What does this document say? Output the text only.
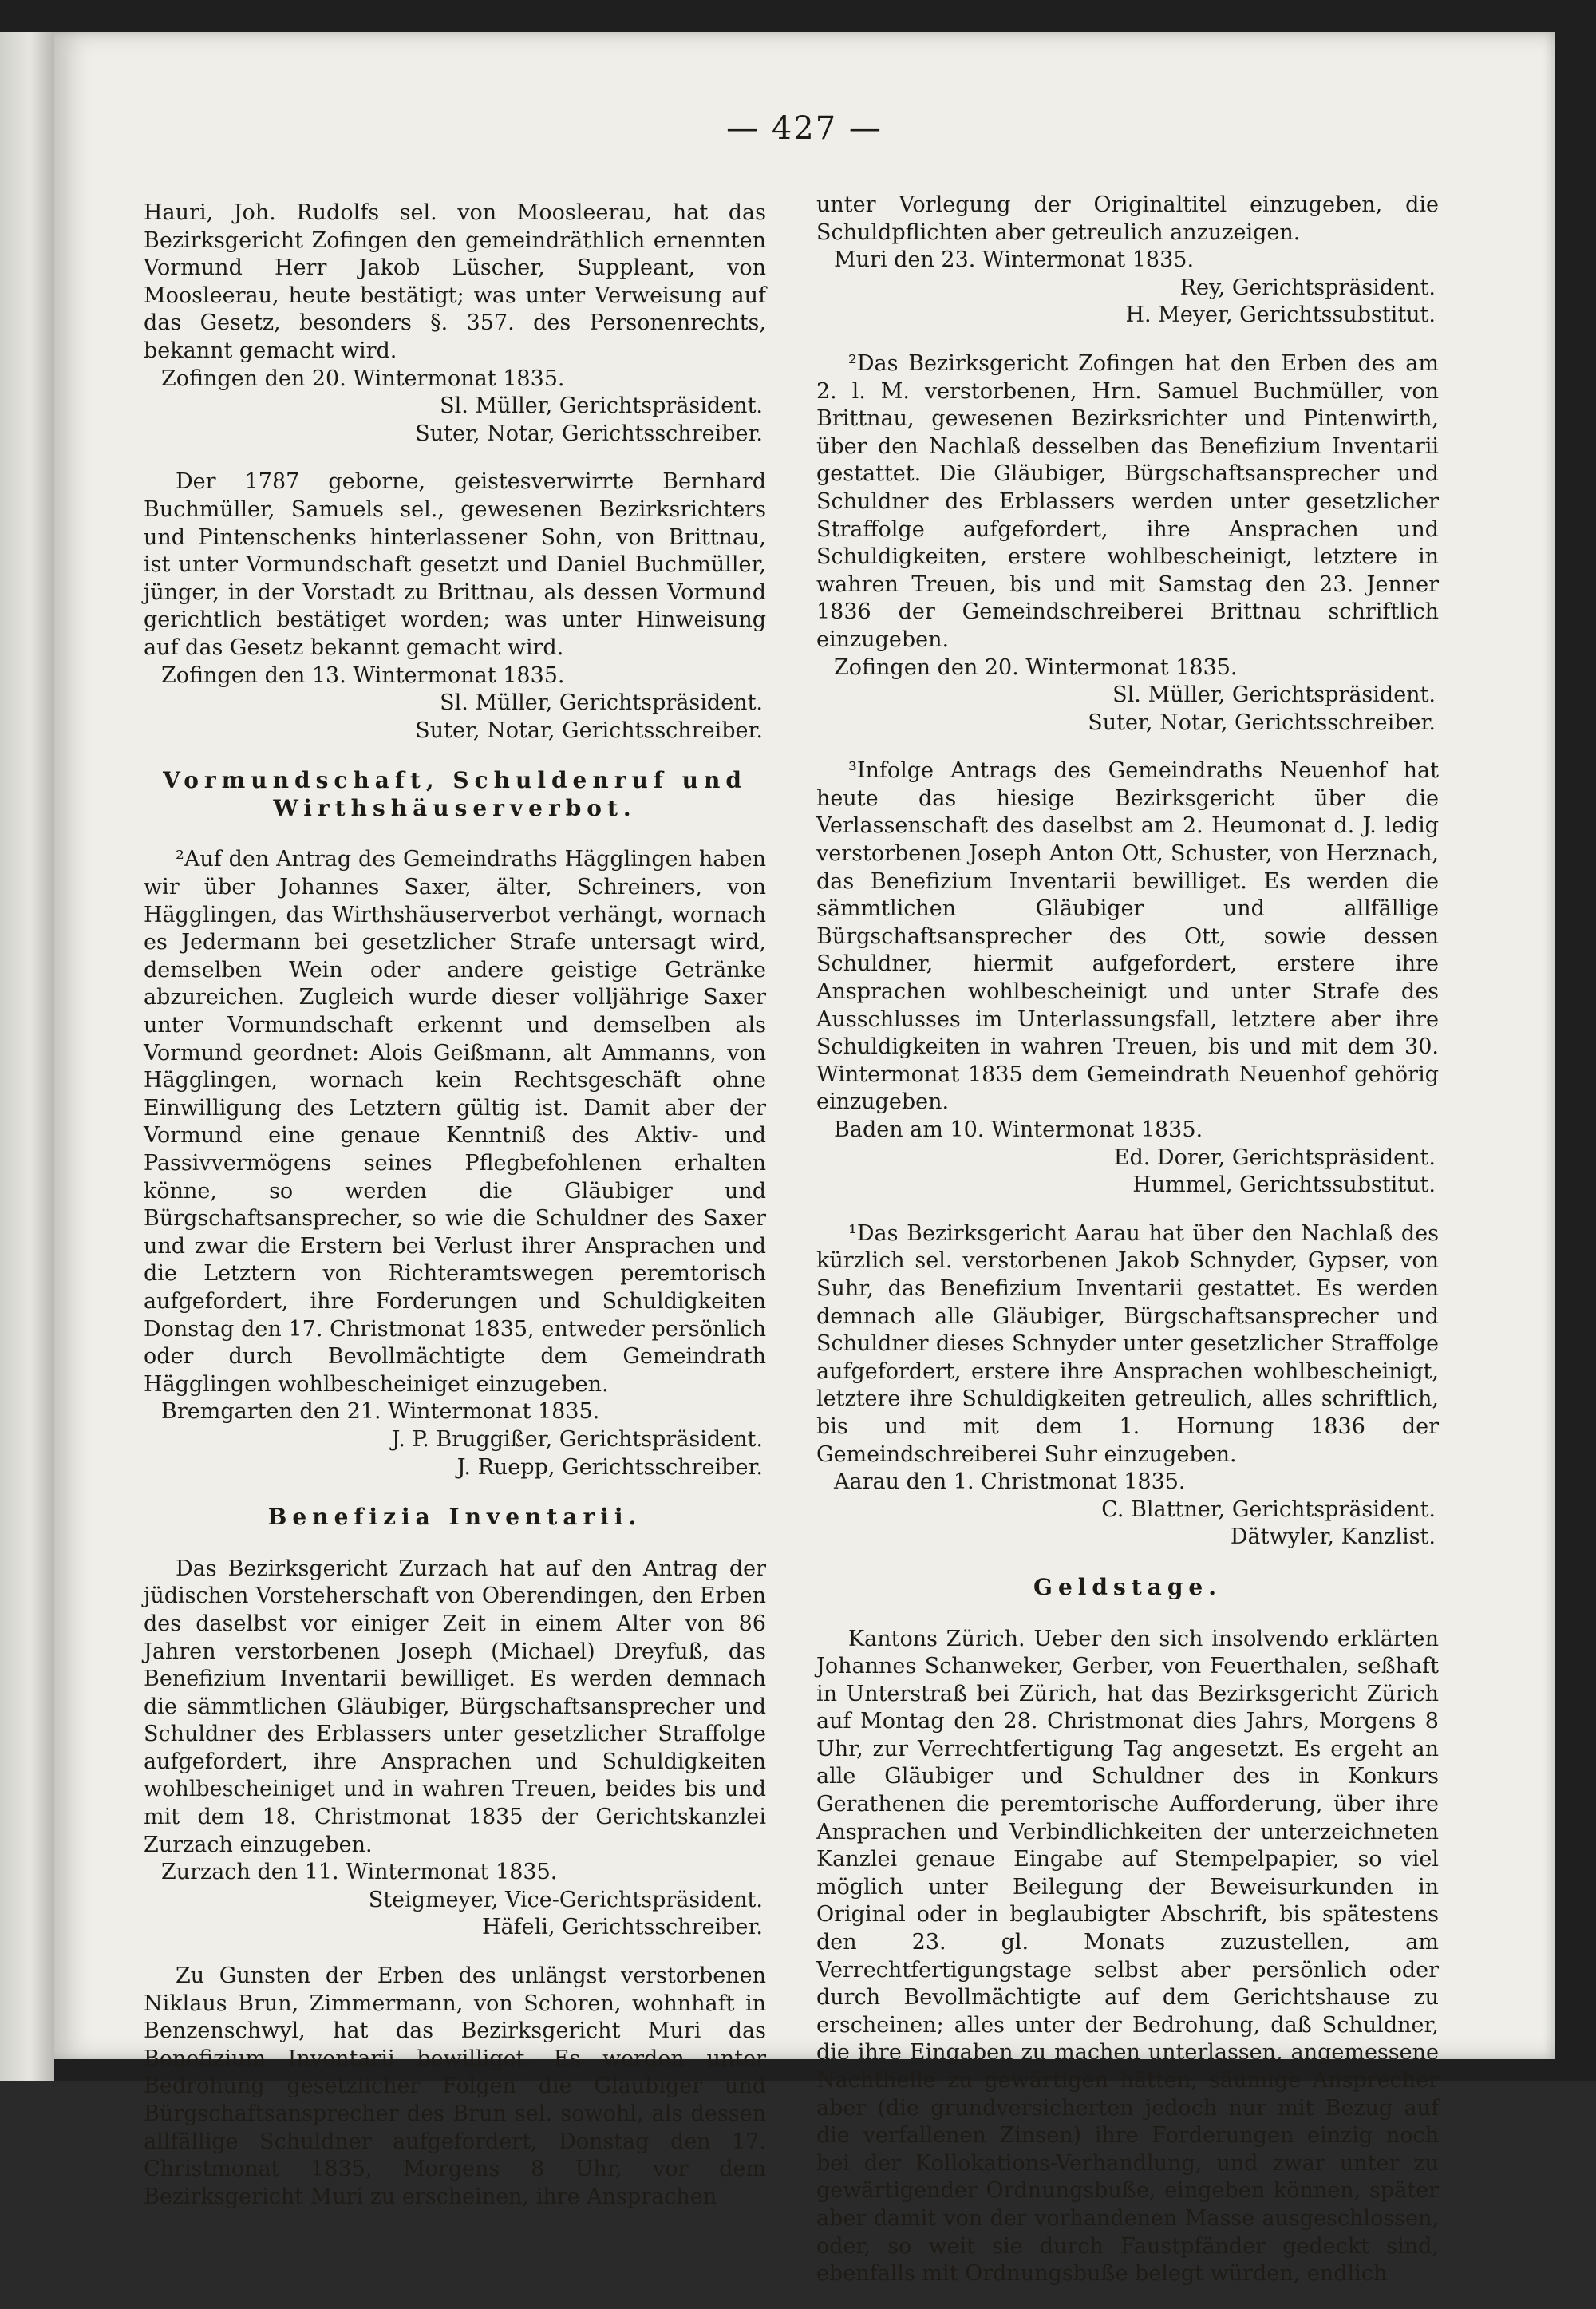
— 427 —

Hauri, Joh. Rudolfs sel. von Moosleerau, hat das Bezirksgericht Zofingen den gemeindräthlich ernennten Vormund Herr Jakob Lüscher, Suppleant, von Moosleerau, heute bestätigt; was unter Verweisung auf das Gesetz, besonders §. 357. des Personenrechts, bekannt gemacht wird.

Zofingen den 20. Wintermonat 1835.

Sl. Müller, Gerichtspräsident.

Suter, Notar, Gerichtsschreiber.

Der 1787 geborne, geistesverwirrte Bernhard Buchmüller, Samuels sel., gewesenen Bezirksrichters und Pintenschenks hinterlassener Sohn, von Brittnau, ist unter Vormundschaft gesetzt und Daniel Buchmüller, jünger, in der Vorstadt zu Brittnau, als dessen Vormund gerichtlich bestätiget worden; was unter Hinweisung auf das Gesetz bekannt gemacht wird.

Zofingen den 13. Wintermonat 1835.

Sl. Müller, Gerichtspräsident.

Suter, Notar, Gerichtsschreiber.

Vormundschaft, Schuldenruf und Wirthshäuserverbot.

²Auf den Antrag des Gemeindraths Hägglingen haben wir über Johannes Saxer, älter, Schreiners, von Hägglingen, das Wirthshäuserverbot verhängt, wornach es Jedermann bei gesetzlicher Strafe untersagt wird, demselben Wein oder andere geistige Getränke abzureichen. Zugleich wurde dieser volljährige Saxer unter Vormundschaft erkennt und demselben als Vormund geordnet: Alois Geißmann, alt Ammanns, von Hägglingen, wornach kein Rechtsgeschäft ohne Einwilligung des Letztern gültig ist. Damit aber der Vormund eine genaue Kenntniß des Aktiv- und Passivvermögens seines Pflegbefohlenen erhalten könne, so werden die Gläubiger und Bürgschaftsansprecher, so wie die Schuldner des Saxer und zwar die Erstern bei Verlust ihrer Ansprachen und die Letztern von Richteramtswegen peremtorisch aufgefordert, ihre Forderungen und Schuldigkeiten Donstag den 17. Christmonat 1835, entweder persönlich oder durch Bevollmächtigte dem Gemeindrath Hägglingen wohlbescheiniget einzugeben.

Bremgarten den 21. Wintermonat 1835.

J. P. Bruggißer, Gerichtspräsident.

J. Ruepp, Gerichtsschreiber.

Benefizia Inventarii.

Das Bezirksgericht Zurzach hat auf den Antrag der jüdischen Vorsteherschaft von Oberendingen, den Erben des daselbst vor einiger Zeit in einem Alter von 86 Jahren verstorbenen Joseph (Michael) Dreyfuß, das Benefizium Inventarii bewilliget. Es werden demnach die sämmtlichen Gläubiger, Bürgschaftsansprecher und Schuldner des Erblassers unter gesetzlicher Straffolge aufgefordert, ihre Ansprachen und Schuldigkeiten wohlbescheiniget und in wahren Treuen, beides bis und mit dem 18. Christmonat 1835 der Gerichtskanzlei Zurzach einzugeben.

Zurzach den 11. Wintermonat 1835.

Steigmeyer, Vice-Gerichtspräsident.

Häfeli, Gerichtsschreiber.

Zu Gunsten der Erben des unlängst verstorbenen Niklaus Brun, Zimmermann, von Schoren, wohnhaft in Benzenschwyl, hat das Bezirksgericht Muri das Benefizium Inventarii bewilliget. Es werden unter Bedrohung gesetzlicher Folgen die Gläubiger und Bürgschaftsansprecher des Brun sel. sowohl, als dessen allfällige Schuldner aufgefordert, Donstag den 17. Christmonat 1835, Morgens 8 Uhr, vor dem Bezirksgericht Muri zu erscheinen, ihre Ansprachen

unter Vorlegung der Originaltitel einzugeben, die Schuldpflichten aber getreulich anzuzeigen.

Muri den 23. Wintermonat 1835.

Rey, Gerichtspräsident.

H. Meyer, Gerichtssubstitut.

²Das Bezirksgericht Zofingen hat den Erben des am 2. l. M. verstorbenen, Hrn. Samuel Buchmüller, von Brittnau, gewesenen Bezirksrichter und Pintenwirth, über den Nachlaß desselben das Benefizium Inventarii gestattet. Die Gläubiger, Bürgschaftsansprecher und Schuldner des Erblassers werden unter gesetzlicher Straffolge aufgefordert, ihre Ansprachen und Schuldigkeiten, erstere wohlbescheinigt, letztere in wahren Treuen, bis und mit Samstag den 23. Jenner 1836 der Gemeindschreiberei Brittnau schriftlich einzugeben.

Zofingen den 20. Wintermonat 1835.

Sl. Müller, Gerichtspräsident.

Suter, Notar, Gerichtsschreiber.

³Infolge Antrags des Gemeindraths Neuenhof hat heute das hiesige Bezirksgericht über die Verlassenschaft des daselbst am 2. Heumonat d. J. ledig verstorbenen Joseph Anton Ott, Schuster, von Herznach, das Benefizium Inventarii bewilliget. Es werden die sämmtlichen Gläubiger und allfällige Bürgschaftsansprecher des Ott, sowie dessen Schuldner, hiermit aufgefordert, erstere ihre Ansprachen wohlbescheinigt und unter Strafe des Ausschlusses im Unterlassungsfall, letztere aber ihre Schuldigkeiten in wahren Treuen, bis und mit dem 30. Wintermonat 1835 dem Gemeindrath Neuenhof gehörig einzugeben.

Baden am 10. Wintermonat 1835.

Ed. Dorer, Gerichtspräsident.

Hummel, Gerichtssubstitut.

¹Das Bezirksgericht Aarau hat über den Nachlaß des kürzlich sel. verstorbenen Jakob Schnyder, Gypser, von Suhr, das Benefizium Inventarii gestattet. Es werden demnach alle Gläubiger, Bürgschaftsansprecher und Schuldner dieses Schnyder unter gesetzlicher Straffolge aufgefordert, erstere ihre Ansprachen wohlbescheinigt, letztere ihre Schuldigkeiten getreulich, alles schriftlich, bis und mit dem 1. Hornung 1836 der Gemeindschreiberei Suhr einzugeben.

Aarau den 1. Christmonat 1835.

C. Blattner, Gerichtspräsident.

Dätwyler, Kanzlist.

Geldstage.

Kantons Zürich. Ueber den sich insolvendo erklärten Johannes Schanweker, Gerber, von Feuerthalen, seßhaft in Unterstraß bei Zürich, hat das Bezirksgericht Zürich auf Montag den 28. Christmonat dies Jahrs, Morgens 8 Uhr, zur Verrechtfertigung Tag angesetzt. Es ergeht an alle Gläubiger und Schuldner des in Konkurs Gerathenen die peremtorische Aufforderung, über ihre Ansprachen und Verbindlichkeiten der unterzeichneten Kanzlei genaue Eingabe auf Stempelpapier, so viel möglich unter Beilegung der Beweisurkunden in Original oder in beglaubigter Abschrift, bis spätestens den 23. gl. Monats zuzustellen, am Verrechtfertigungstage selbst aber persönlich oder durch Bevollmächtigte auf dem Gerichtshause zu erscheinen; alles unter der Bedrohung, daß Schuldner, die ihre Eingaben zu machen unterlassen, angemessene Nachtheile zu gewärtigen hätten, säumige Ansprecher aber (die grundversicherten jedoch nur mit Bezug auf die verfallenen Zinsen) ihre Forderungen einzig noch bei der Kollokations-Verhandlung, und zwar unter zu gewärtigender Ordnungsbuße, eingeben können, später aber damit von der vorhandenen Masse ausgeschlossen, oder, so weit sie durch Faustpfänder gedeckt sind, ebenfalls mit Ordnungsbuße belegt würden, endlich
